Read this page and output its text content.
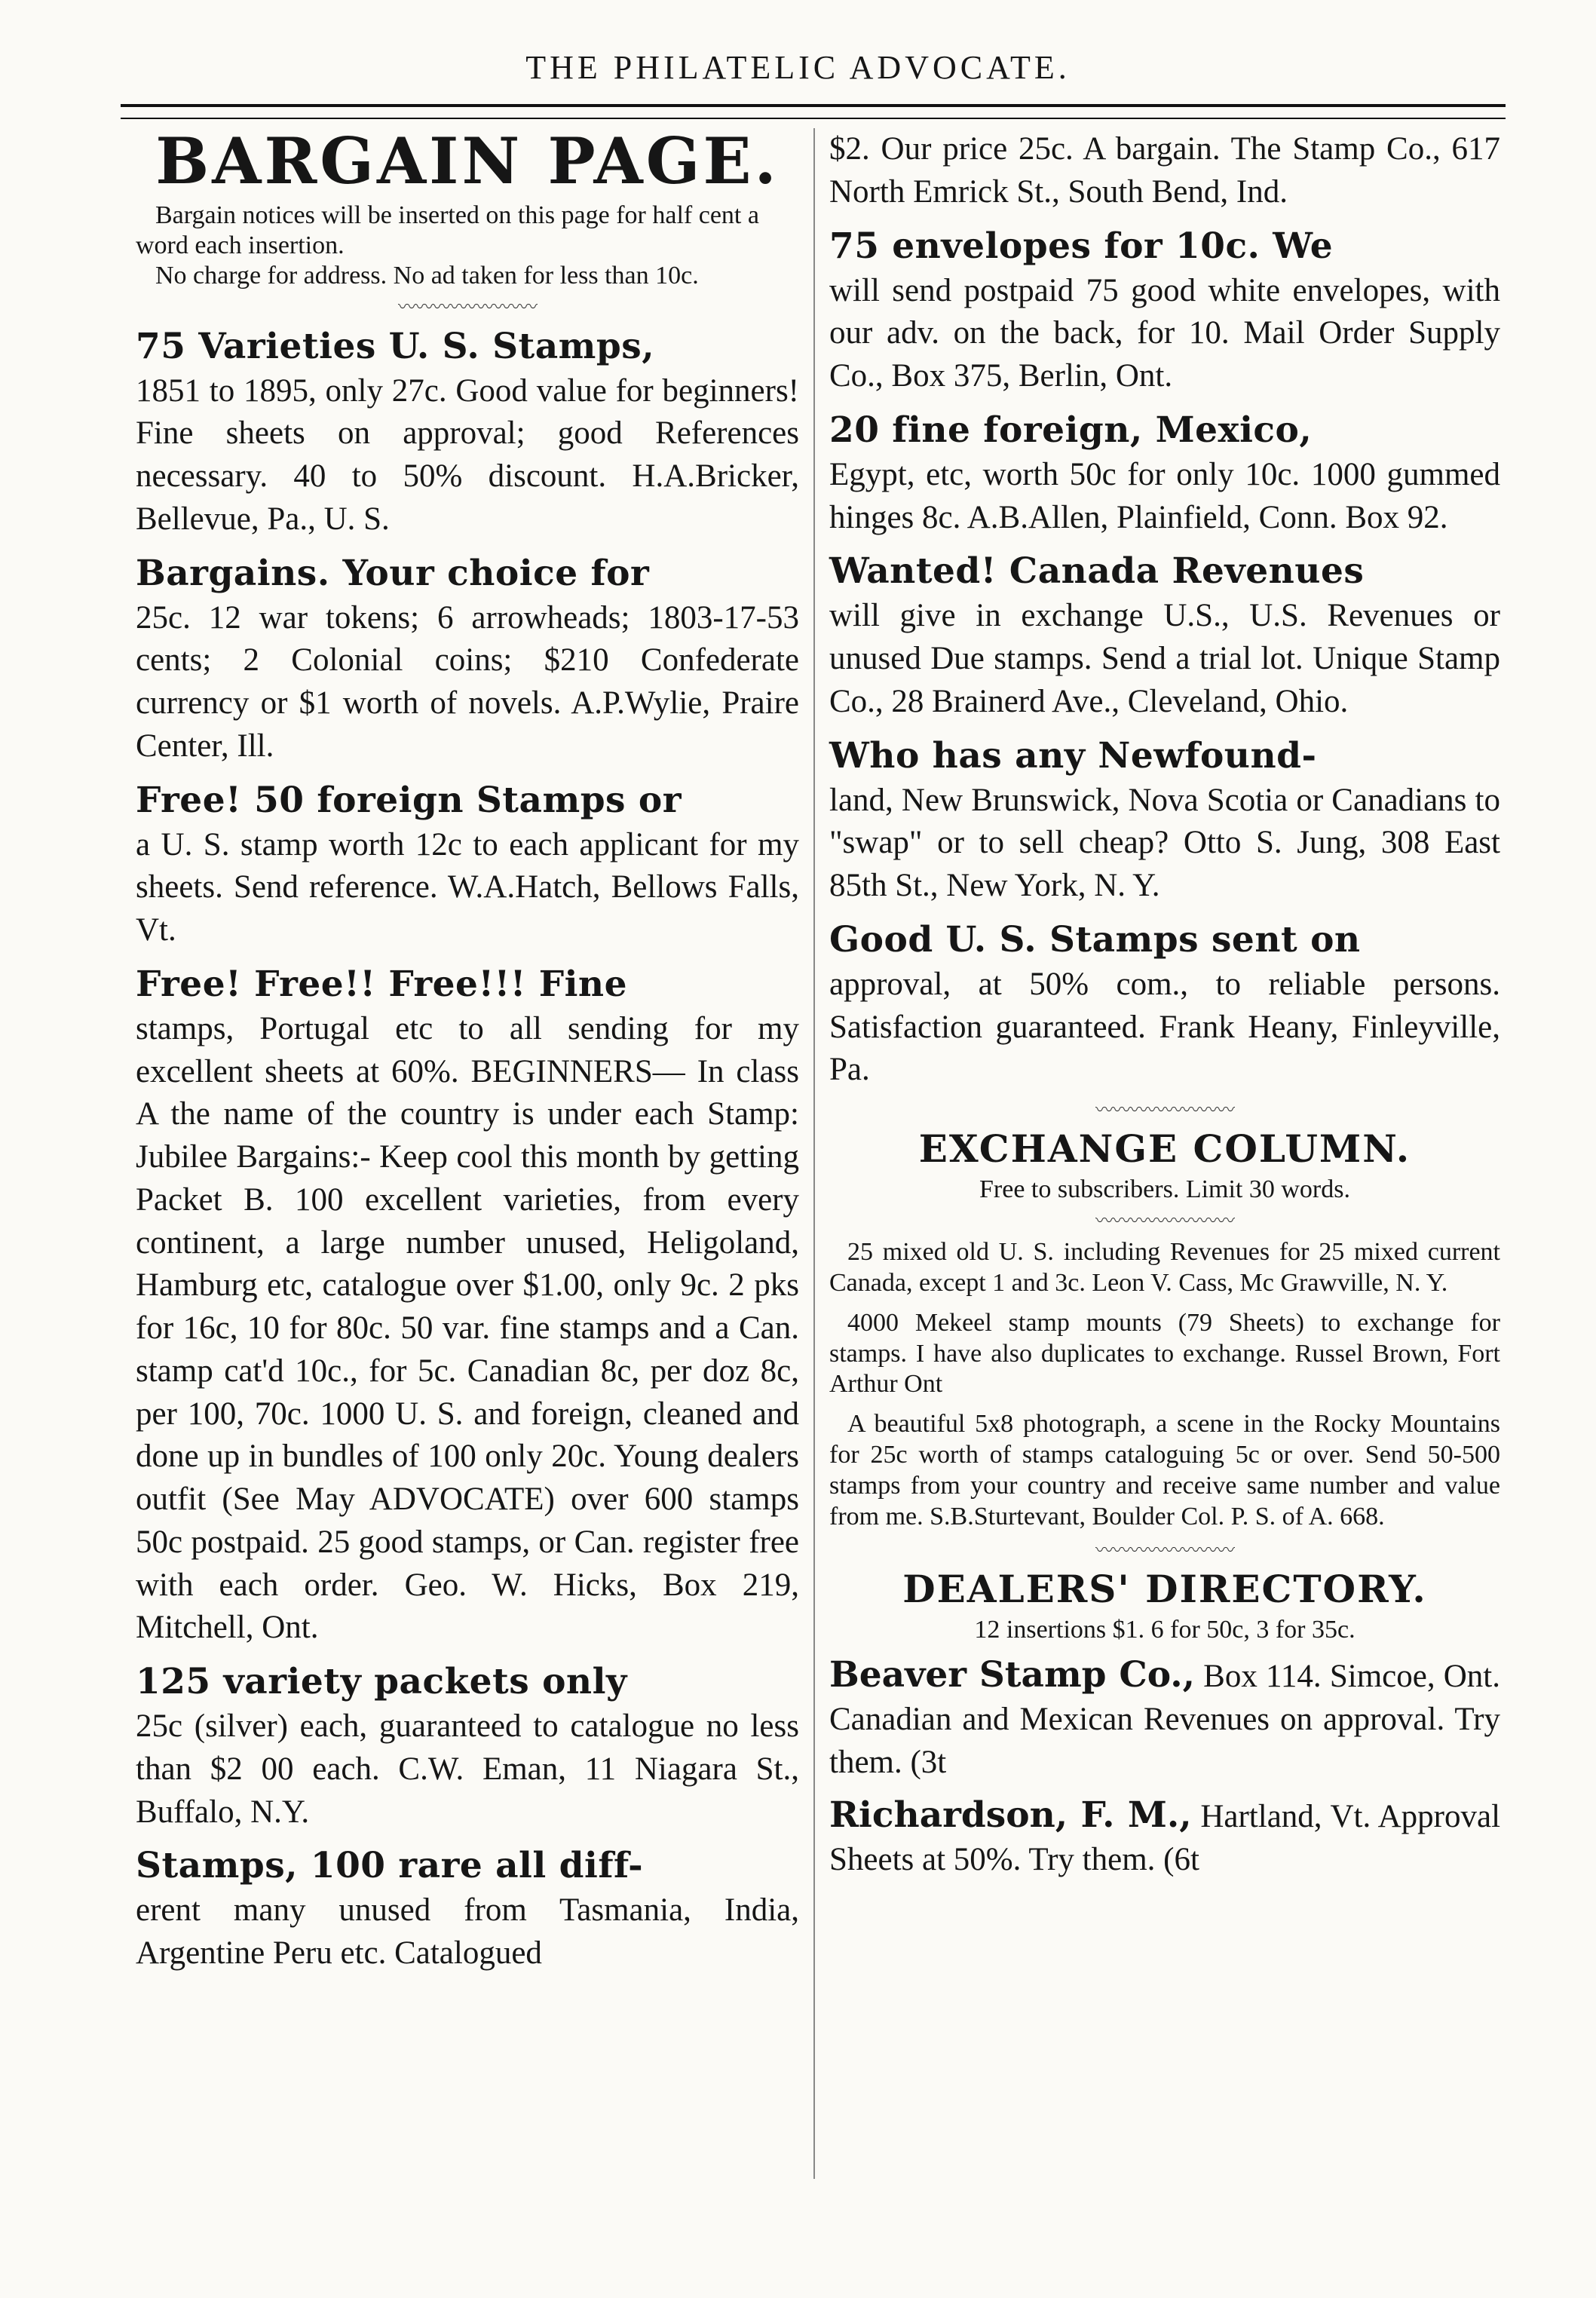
THE PHILATELIC ADVOCATE.
BARGAIN PAGE.

Bargain notices will be inserted on this page for half cent a word each insertion.

No charge for address. No ad taken for less than 10c.

〰〰〰〰〰〰〰〰

75 Varieties U. S. Stamps,

1851 to 1895, only 27c. Good value for beginners! Fine sheets on approval; good References necessary. 40 to 50% discount. H.A.Bricker, Bellevue, Pa., U. S.

Bargains. Your choice for

25c. 12 war tokens; 6 arrowheads; 1803-17-53 cents; 2 Colonial coins; $210 Confederate currency or $1 worth of novels. A.P.Wylie, Praire Center, Ill.

Free! 50 foreign Stamps or

a U. S. stamp worth 12c to each applicant for my sheets. Send reference. W.A.Hatch, Bellows Falls, Vt.

Free! Free!! Free!!! Fine

stamps, Portugal etc to all sending for my excellent sheets at 60%. BEGINNERS— In class A the name of the country is under each Stamp: Jubilee Bargains:- Keep cool this month by getting Packet B. 100 excellent varieties, from every continent, a large number unused, Heligoland, Hamburg etc, catalogue over $1.00, only 9c. 2 pks for 16c, 10 for 80c. 50 var. fine stamps and a Can. stamp cat'd 10c., for 5c. Canadian 8c, per doz 8c, per 100, 70c. 1000 U. S. and foreign, cleaned and done up in bundles of 100 only 20c. Young dealers outfit (See May ADVOCATE) over 600 stamps 50c postpaid. 25 good stamps, or Can. register free with each order. Geo. W. Hicks, Box 219, Mitchell, Ont.

125 variety packets only

25c (silver) each, guaranteed to catalogue no less than $2 00 each. C.W. Eman, 11 Niagara St., Buffalo, N.Y.

Stamps, 100 rare all diff-

erent many unused from Tasmania, India, Argentine Peru etc. Catalogued

$2. Our price 25c. A bargain. The Stamp Co., 617 North Emrick St., South Bend, Ind.

75 envelopes for 10c. We

will send postpaid 75 good white envelopes, with our adv. on the back, for 10. Mail Order Supply Co., Box 375, Berlin, Ont.

20 fine foreign, Mexico,

Egypt, etc, worth 50c for only 10c. 1000 gummed hinges 8c. A.B.Allen, Plainfield, Conn. Box 92.

Wanted! Canada Revenues

will give in exchange U.S., U.S. Revenues or unused Due stamps. Send a trial lot. Unique Stamp Co., 28 Brainerd Ave., Cleveland, Ohio.

Who has any Newfound-

land, New Brunswick, Nova Scotia or Canadians to "swap" or to sell cheap? Otto S. Jung, 308 East 85th St., New York, N. Y.

Good U. S. Stamps sent on

approval, at 50% com., to reliable persons. Satisfaction guaranteed. Frank Heany, Finleyville, Pa.

〰〰〰〰〰〰〰〰
EXCHANGE COLUMN.
Free to subscribers. Limit 30 words.
〰〰〰〰〰〰〰〰

25 mixed old U. S. including Revenues for 25 mixed current Canada, except 1 and 3c. Leon V. Cass, Mc Grawville, N. Y.

4000 Mekeel stamp mounts (79 Sheets) to exchange for stamps. I have also duplicates to exchange. Russel Brown, Fort Arthur Ont

A beautiful 5x8 photograph, a scene in the Rocky Mountains for 25c worth of stamps cataloguing 5c or over. Send 50-500 stamps from your country and receive same number and value from me. S.B.Sturtevant, Boulder Col. P. S. of A. 668.

〰〰〰〰〰〰〰〰
DEALERS' DIRECTORY.
12 insertions $1. 6 for 50c, 3 for 35c.

Beaver Stamp Co., Box 114. Simcoe, Ont. Canadian and Mexican Revenues on approval. Try them. (3t

Richardson, F. M., Hartland, Vt. Approval Sheets at 50%. Try them. (6t
